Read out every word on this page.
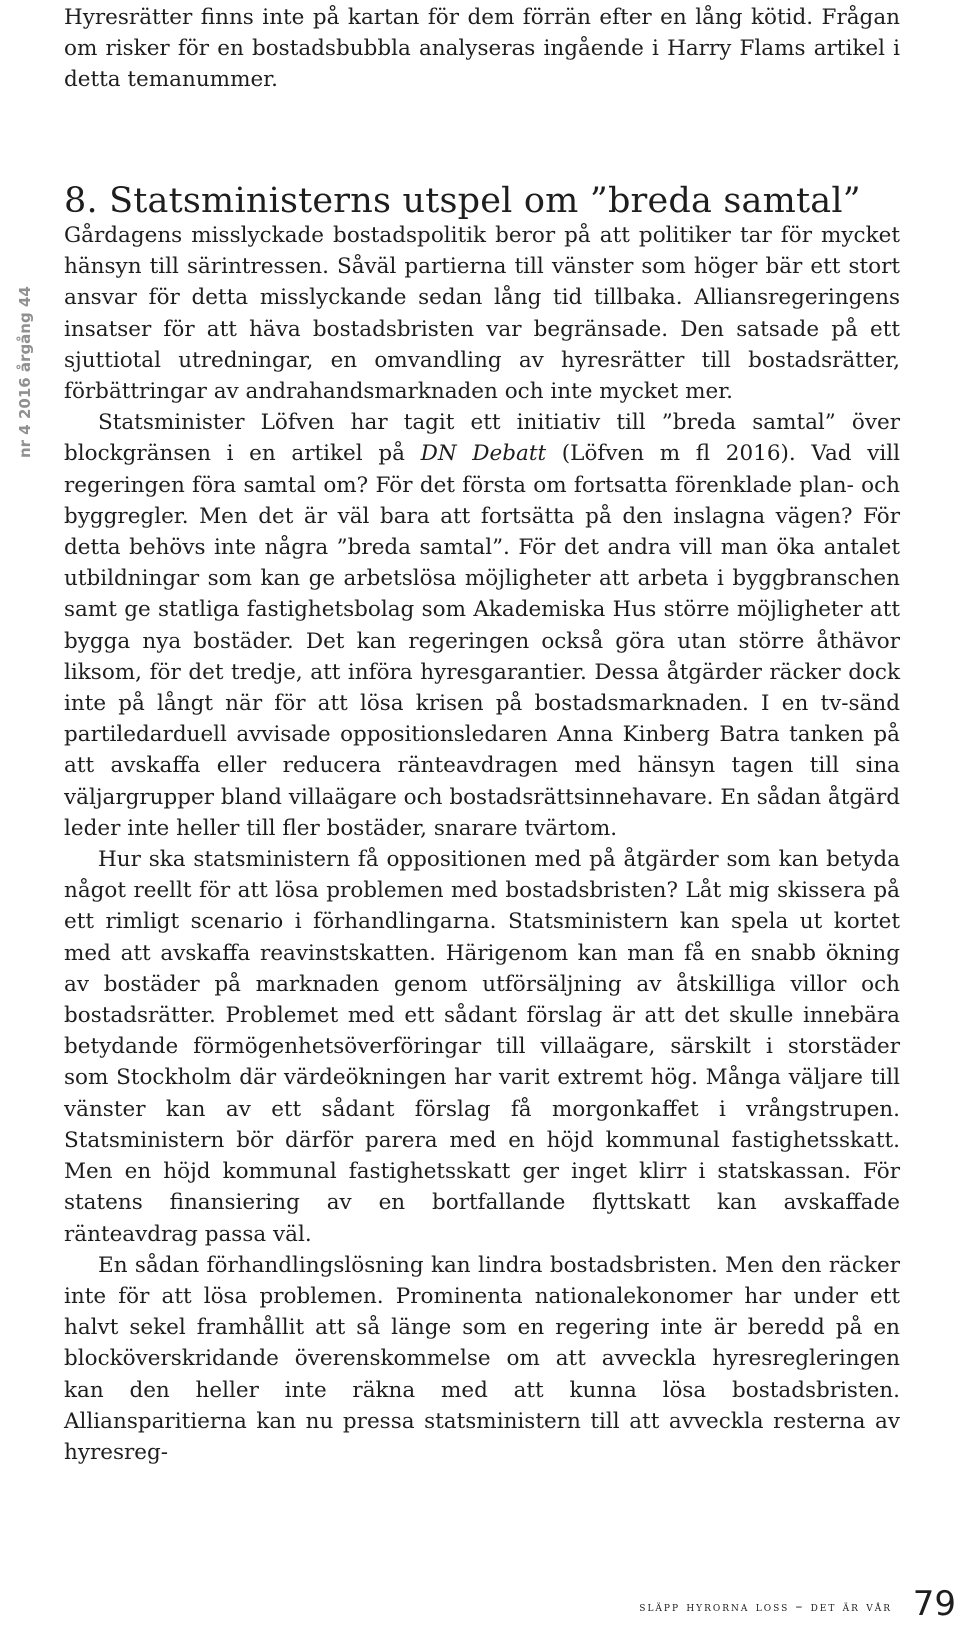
nr 4 2016 årgång 44

Hyresrätter finns inte på kartan för dem förrän efter en lång kötid. Frågan om risker för en bostadsbubbla analyseras ingående i Harry Flams artikel i detta temanummer.

8. Statsministerns utspel om ”breda samtal”

Gårdagens misslyckade bostadspolitik beror på att politiker tar för mycket hänsyn till särintressen. Såväl partierna till vänster som höger bär ett stort ansvar för detta misslyckande sedan lång tid tillbaka. Alliansregeringens insatser för att häva bostadsbristen var begränsade. Den satsade på ett sjuttiotal utredningar, en omvandling av hyresrätter till bostadsrätter, förbättringar av andrahandsmarknaden och inte mycket mer.

Statsminister Löfven har tagit ett initiativ till ”breda samtal” över blockgränsen i en artikel på DN Debatt (Löfven m fl 2016). Vad vill regeringen föra samtal om? För det första om fortsatta förenklade plan- och byggregler. Men det är väl bara att fortsätta på den inslagna vägen? För detta behövs inte några ”breda samtal”. För det andra vill man öka antalet utbildningar som kan ge arbetslösa möjligheter att arbeta i byggbranschen samt ge statliga fastighetsbolag som Akademiska Hus större möjligheter att bygga nya bostäder. Det kan regeringen också göra utan större åthävor liksom, för det tredje, att införa hyresgarantier. Dessa åtgärder räcker dock inte på långt när för att lösa krisen på bostadsmarknaden. I en tv-sänd partiledarduell avvisade oppositionsledaren Anna Kinberg Batra tanken på att avskaffa eller reducera ränteavdragen med hänsyn tagen till sina väljargrupper bland villaägare och bostadsrättsinnehavare. En sådan åtgärd leder inte heller till fler bostäder, snarare tvärtom.

Hur ska statsministern få oppositionen med på åtgärder som kan betyda något reellt för att lösa problemen med bostadsbristen? Låt mig skissera på ett rimligt scenario i förhandlingarna. Statsministern kan spela ut kortet med att avskaffa reavinstskatten. Härigenom kan man få en snabb ökning av bostäder på marknaden genom utförsäljning av åtskilliga villor och bostadsrätter. Problemet med ett sådant förslag är att det skulle innebära betydande förmögenhetsöverföringar till villaägare, särskilt i storstäder som Stockholm där värdeökningen har varit extremt hög. Många väljare till vänster kan av ett sådant förslag få morgonkaffet i vrångstrupen. Statsministern bör därför parera med en höjd kommunal fastighetsskatt. Men en höjd kommunal fastighetsskatt ger inget klirr i statskassan. För statens finansiering av en bortfallande flyttskatt kan avskaffade ränteavdrag passa väl.

En sådan förhandlingslösning kan lindra bostadsbristen. Men den räcker inte för att lösa problemen. Prominenta nationalekonomer har under ett halvt sekel framhållit att så länge som en regering inte är beredd på en blocköverskridande överenskommelse om att avveckla hyresregleringen kan den heller inte räkna med att kunna lösa bostadsbristen. Alliansparitierna kan nu pressa statsministern till att avveckla resterna av hyresreg-

släpp hyrorna loss – det är vår 79
